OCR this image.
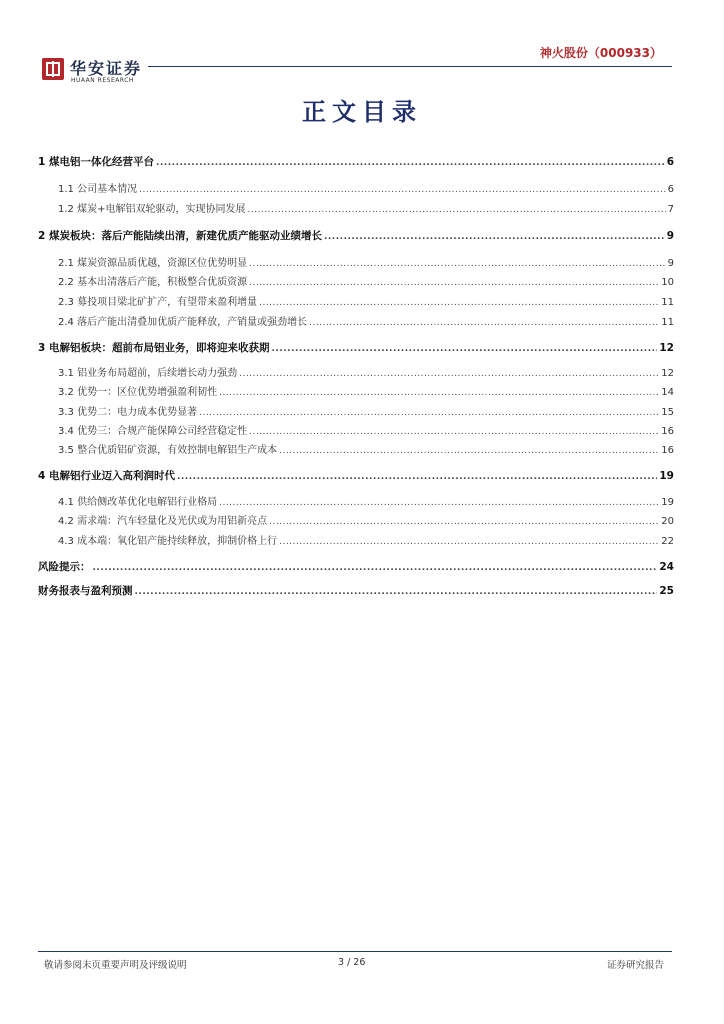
华安证券
HUAAN RESEARCH
神火股份（000933）
正文目录
1 煤电铝一体化经营平台 .....	6
1.1 公司基本情况 .....	6
1.2 煤炭+电解铝双轮驱动，实现协同发展 .....	7
2 煤炭板块：落后产能陆续出清，新建优质产能驱动业绩增长 .....	9
2.1 煤炭资源品质优越，资源区位优势明显 .....	9
2.2 基本出清落后产能，积极整合优质资源 .....	10
2.3 募投项目梁北矿扩产，有望带来盈利增量 .....	11
2.4 落后产能出清叠加优质产能释放，产销量或强劲增长 .....	11
3 电解铝板块：超前布局铝业务，即将迎来收获期 .....	12
3.1 铝业务布局超前，后续增长动力强劲 .....	12
3.2 优势一：区位优势增强盈利韧性 .....	14
3.3 优势二：电力成本优势显著 .....	15
3.4 优势三：合规产能保障公司经营稳定性 .....	16
3.5 整合优质铝矿资源，有效控制电解铝生产成本 .....	16
4 电解铝行业迈入高利润时代 .....	19
4.1 供给侧改革优化电解铝行业格局 .....	19
4.2 需求端：汽车轻量化及光伏或为用铝新亮点 .....	20
4.3 成本端：氧化铝产能持续释放，抑制价格上行 .....	22
风险提示： .....	24
财务报表与盈利预测 .....	25
敬请参阅末页重要声明及评级说明	3 / 26	证券研究报告
